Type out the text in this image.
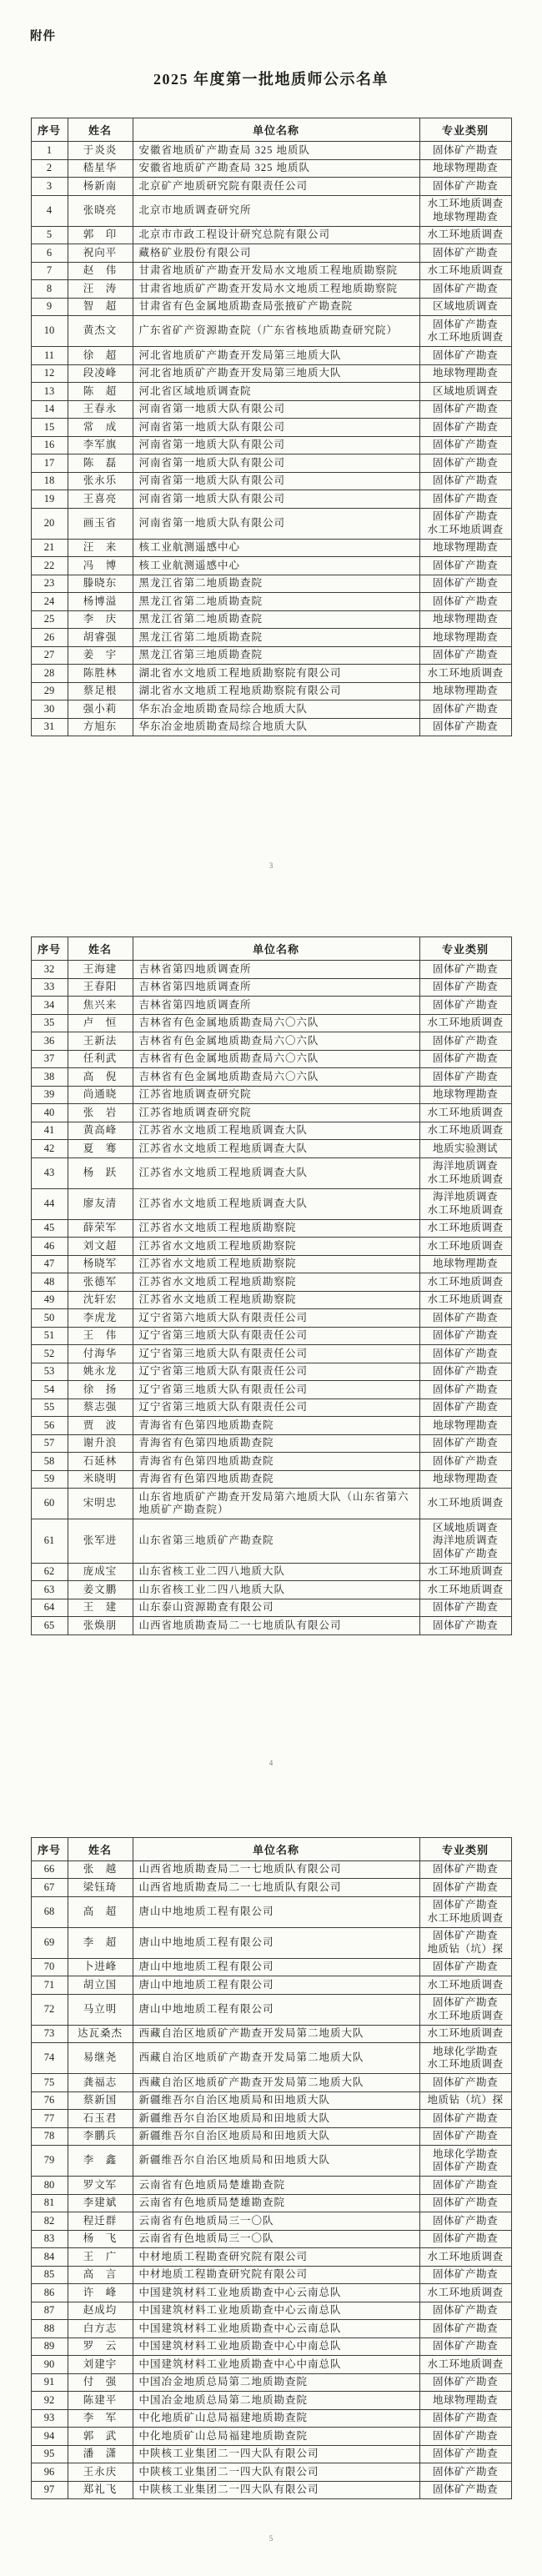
附件
2025 年度第一批地质师公示名单
序号	姓名	单位名称	专业类别
1	于炎炎	安徽省地质矿产勘查局 325 地质队	固体矿产勘查

2	嵇星华	安徽省地质矿产勘查局 325 地质队	地球物理勘查

3	杨新南	北京矿产地质研究院有限责任公司	固体矿产勘查

4	张晓亮	北京市地质调查研究所	水工环地质调查
地球物理勘查

5	郭　印	北京市市政工程设计研究总院有限公司	水工环地质调查

6	祝向平	藏格矿业股份有限公司	固体矿产勘查

7	赵　伟	甘肃省地质矿产勘查开发局水文地质工程地质勘察院	水工环地质调查

8	汪　涛	甘肃省地质矿产勘查开发局水文地质工程地质勘察院	固体矿产勘查

9	智　超	甘肃省有色金属地质勘查局张掖矿产勘查院	区域地质调查

10	黄杰文	广东省矿产资源勘查院（广东省核地质勘查研究院）	固体矿产勘查
水工环地质调查

11	徐　超	河北省地质矿产勘查开发局第三地质大队	固体矿产勘查

12	段凌峰	河北省地质矿产勘查开发局第三地质大队	地球物理勘查

13	陈　超	河北省区域地质调查院	区域地质调查

14	王春永	河南省第一地质大队有限公司	固体矿产勘查

15	常　成	河南省第一地质大队有限公司	固体矿产勘查

16	李军旗	河南省第一地质大队有限公司	固体矿产勘查

17	陈　磊	河南省第一地质大队有限公司	固体矿产勘查

18	张永乐	河南省第一地质大队有限公司	固体矿产勘查

19	王喜亮	河南省第一地质大队有限公司	固体矿产勘查

20	画玉省	河南省第一地质大队有限公司	固体矿产勘查
水工环地质调查

21	汪　来	核工业航测遥感中心	地球物理勘查

22	冯　博	核工业航测遥感中心	固体矿产勘查

23	滕晓东	黑龙江省第二地质勘查院	固体矿产勘查

24	杨博溢	黑龙江省第二地质勘查院	固体矿产勘查

25	李　庆	黑龙江省第二地质勘查院	地球物理勘查

26	胡睿强	黑龙江省第二地质勘查院	地球物理勘查

27	姜　宇	黑龙江省第三地质勘查院	固体矿产勘查

28	陈胜林	湖北省水文地质工程地质勘察院有限公司	水工环地质调查

29	蔡足根	湖北省水文地质工程地质勘察院有限公司	地球物理勘查

30	强小莉	华东冶金地质勘查局综合地质大队	固体矿产勘查

31	方旭东	华东冶金地质勘查局综合地质大队	固体矿产勘查
3
序号	姓名	单位名称	专业类别
32	王海建	吉林省第四地质调查所	固体矿产勘查

33	王春阳	吉林省第四地质调查所	固体矿产勘查

34	焦兴来	吉林省第四地质调查所	固体矿产勘查

35	卢　恒	吉林省有色金属地质勘查局六〇六队	水工环地质调查

36	王新法	吉林省有色金属地质勘查局六〇六队	固体矿产勘查

37	任利武	吉林省有色金属地质勘查局六〇六队	固体矿产勘查

38	高　倪	吉林省有色金属地质勘查局六〇六队	固体矿产勘查

39	尚通晓	江苏省地质调查研究院	地球物理勘查

40	张　岩	江苏省地质调查研究院	水工环地质调查

41	黄高峰	江苏省水文地质工程地质调查大队	水工环地质调查

42	夏　骞	江苏省水文地质工程地质调查大队	地质实验测试

43	杨　跃	江苏省水文地质工程地质调查大队	海洋地质调查
水工环地质调查

44	廖友清	江苏省水文地质工程地质调查大队	海洋地质调查
水工环地质调查

45	薛荣军	江苏省水文地质工程地质勘察院	水工环地质调查

46	刘文超	江苏省水文地质工程地质勘察院	水工环地质调查

47	杨晓军	江苏省水文地质工程地质勘察院	地球物理勘查

48	张德军	江苏省水文地质工程地质勘察院	水工环地质调查

49	沈轩宏	江苏省水文地质工程地质勘察院	水工环地质调查

50	李虎龙	辽宁省第六地质大队有限责任公司	固体矿产勘查

51	王　伟	辽宁省第三地质大队有限责任公司	固体矿产勘查

52	付海华	辽宁省第三地质大队有限责任公司	固体矿产勘查

53	姚永龙	辽宁省第三地质大队有限责任公司	固体矿产勘查

54	徐　扬	辽宁省第三地质大队有限责任公司	固体矿产勘查

55	蔡志强	辽宁省第三地质大队有限责任公司	固体矿产勘查

56	贾　波	青海省有色第四地质勘查院	地球物理勘查

57	谢升浪	青海省有色第四地质勘查院	固体矿产勘查

58	石延林	青海省有色第四地质勘查院	固体矿产勘查

59	米晓明	青海省有色第四地质勘查院	地球物理勘查

60	宋明忠	山东省地质矿产勘查开发局第六地质大队（山东省第六地质矿产勘查院）	水工环地质调查

61	张军进	山东省第三地质矿产勘查院	区域地质调查
海洋地质调查
固体矿产勘查

62	庞成宝	山东省核工业二四八地质大队	水工环地质调查

63	姜文鹏	山东省核工业二四八地质大队	水工环地质调查

64	王　建	山东泰山资源勘查有限公司	固体矿产勘查

65	张焕朋	山西省地质勘查局二一七地质队有限公司	固体矿产勘查
4
序号	姓名	单位名称	专业类别
66	张　越	山西省地质勘查局二一七地质队有限公司	固体矿产勘查

67	梁钰琦	山西省地质勘查局二一七地质队有限公司	固体矿产勘查

68	高　超	唐山中地地质工程有限公司	固体矿产勘查
水工环地质调查

69	李　超	唐山中地地质工程有限公司	固体矿产勘查
地质钻（坑）探

70	卜进峰	唐山中地地质工程有限公司	固体矿产勘查

71	胡立国	唐山中地地质工程有限公司	水工环地质调查

72	马立明	唐山中地地质工程有限公司	固体矿产勘查
水工环地质调查

73	达瓦桑杰	西藏自治区地质矿产勘查开发局第二地质大队	水工环地质调查

74	易继尧	西藏自治区地质矿产勘查开发局第二地质大队	地球化学勘查
水工环地质调查

75	龚福志	西藏自治区地质矿产勘查开发局第二地质大队	固体矿产勘查

76	蔡新国	新疆维吾尔自治区地质局和田地质大队	地质钻（坑）探

77	石玉君	新疆维吾尔自治区地质局和田地质大队	固体矿产勘查

78	李鹏兵	新疆维吾尔自治区地质局和田地质大队	固体矿产勘查

79	李　鑫	新疆维吾尔自治区地质局和田地质大队	地球化学勘查
固体矿产勘查

80	罗文军	云南省有色地质局楚雄勘查院	固体矿产勘查

81	李建斌	云南省有色地质局楚雄勘查院	固体矿产勘查

82	程迁群	云南省有色地质局三一〇队	固体矿产勘查

83	杨　飞	云南省有色地质局三一〇队	固体矿产勘查

84	王　广	中材地质工程勘查研究院有限公司	水工环地质调查

85	高　言	中材地质工程勘查研究院有限公司	固体矿产勘查

86	许　峰	中国建筑材料工业地质勘查中心云南总队	水工环地质调查

87	赵成均	中国建筑材料工业地质勘查中心云南总队	固体矿产勘查

88	白方志	中国建筑材料工业地质勘查中心云南总队	固体矿产勘查

89	罗　云	中国建筑材料工业地质勘查中心中南总队	固体矿产勘查

90	刘建宇	中国建筑材料工业地质勘查中心中南总队	水工环地质调查

91	付　强	中国冶金地质总局第二地质勘查院	固体矿产勘查

92	陈建平	中国冶金地质总局第二地质勘查院	地球物理勘查

93	李　军	中化地质矿山总局福建地质勘查院	固体矿产勘查

94	郭　武	中化地质矿山总局福建地质勘查院	固体矿产勘查

95	潘　潇	中陕核工业集团二一四大队有限公司	固体矿产勘查

96	王永庆	中陕核工业集团二一四大队有限公司	固体矿产勘查

97	郑礼飞	中陕核工业集团二一四大队有限公司	固体矿产勘查
5
